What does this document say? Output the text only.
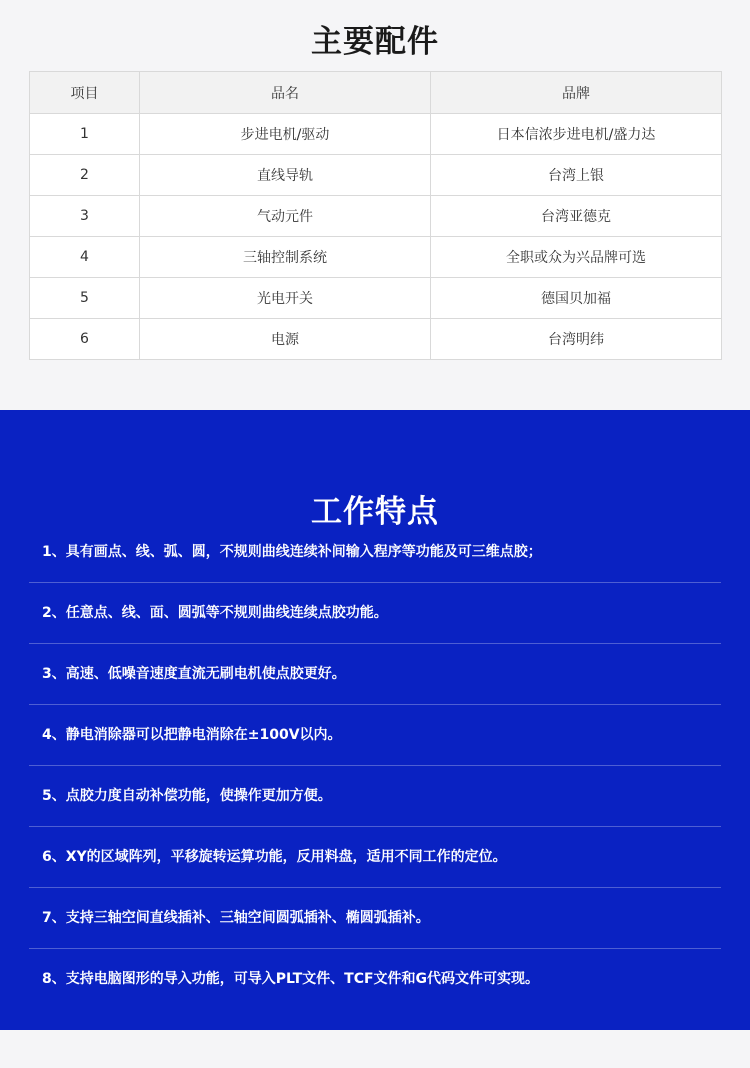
主要配件
项目	品名	品牌
1	步进电机/驱动	日本信浓步进电机/盛力达
2	直线导轨	台湾上银
3	气动元件	台湾亚德克
4	三轴控制系统	全职或众为兴品牌可选
5	光电开关	德国贝加福
6	电源	台湾明纬
工作特点
1、具有画点、线、弧、圆，不规则曲线连续补间输入程序等功能及可三维点胶；
2、任意点、线、面、圆弧等不规则曲线连续点胶功能。
3、高速、低噪音速度直流无刷电机使点胶更好。
4、静电消除器可以把静电消除在±100V以内。
5、点胶力度自动补偿功能，使操作更加方便。
6、XY的区域阵列，平移旋转运算功能，反用料盘，适用不同工作的定位。
7、支持三轴空间直线插补、三轴空间圆弧插补、椭圆弧插补。
8、支持电脑图形的导入功能，可导入PLT文件、TCF文件和G代码文件可实现。
